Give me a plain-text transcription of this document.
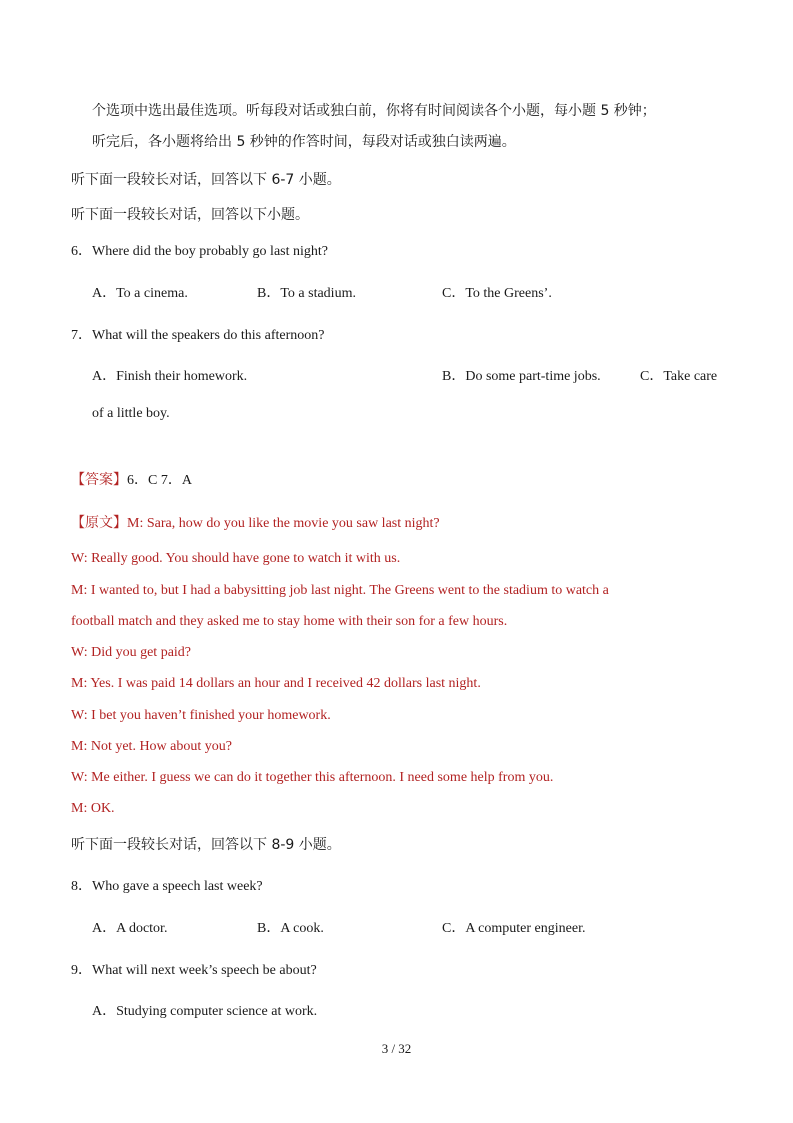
个选项中选出最佳选项。听每段对话或独白前，你将有时间阅读各个小题，每小题 5 秒钟；
听完后，各小题将给出 5 秒钟的作答时间，每段对话或独白读两遍。
听下面一段较长对话，回答以下 6-7 小题。
听下面一段较长对话，回答以下小题。
6．Where did the boy probably go last night?
A．To a cinema.	B．To a stadium.	C．To the Greens’.
7．What will the speakers do this afternoon?
A．Finish their homework.	B．Do some part-time jobs.	C．Take care
of a little boy.
【答案】6．C 7．A
【原文】M: Sara, how do you like the movie you saw last night?
W: Really good. You should have gone to watch it with us.
M: I wanted to, but I had a babysitting job last night. The Greens went to the stadium to watch a
football match and they asked me to stay home with their son for a few hours.
W: Did you get paid?
M: Yes. I was paid 14 dollars an hour and I received 42 dollars last night.
W: I bet you haven’t finished your homework.
M: Not yet. How about you?
W: Me either. I guess we can do it together this afternoon. I need some help from you.
M: OK.
听下面一段较长对话，回答以下 8-9 小题。
8．Who gave a speech last week?
A．A doctor.	B．A cook.	C．A computer engineer.
9．What will next week’s speech be about?
A．Studying computer science at work.
3 / 32
